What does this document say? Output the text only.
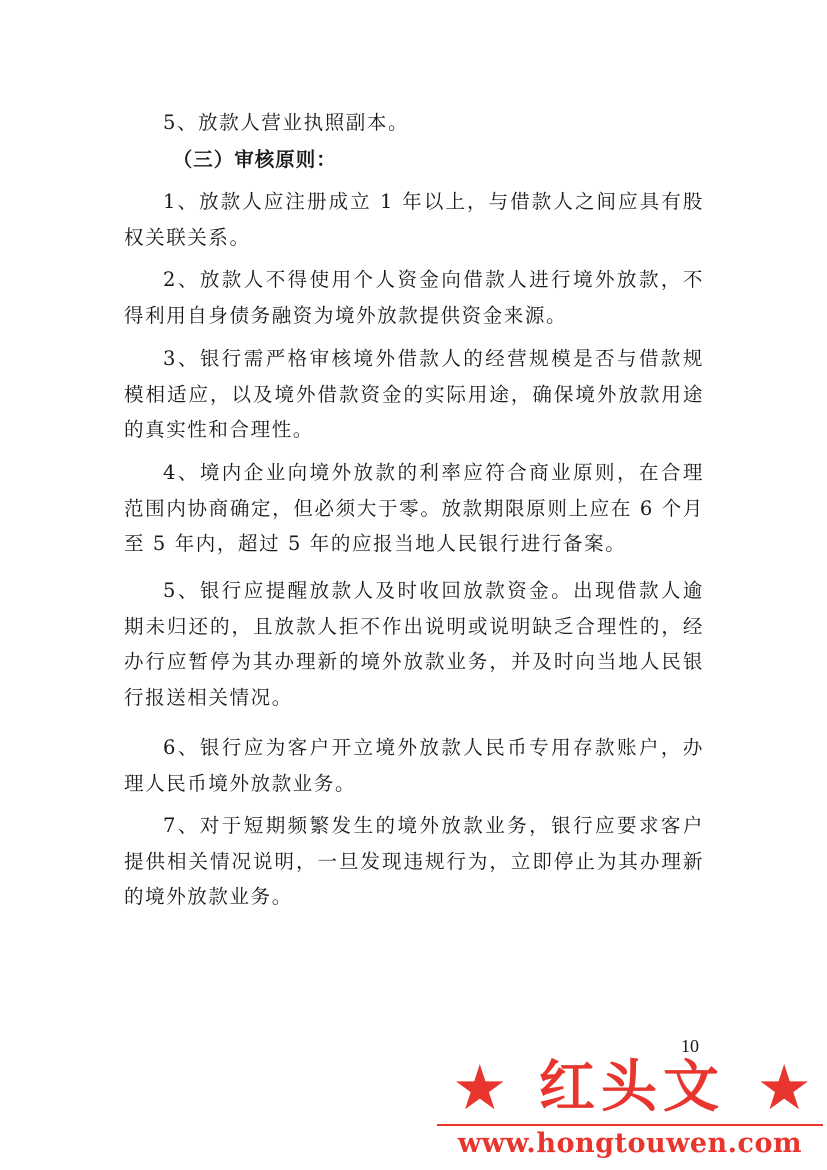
5、放款人营业执照副本。

（三）审核原则：

1、放款人应注册成立 1 年以上，与借款人之间应具有股权关联关系。

2、放款人不得使用个人资金向借款人进行境外放款，不得利用自身债务融资为境外放款提供资金来源。

3、银行需严格审核境外借款人的经营规模是否与借款规模相适应，以及境外借款资金的实际用途，确保境外放款用途的真实性和合理性。

4、境内企业向境外放款的利率应符合商业原则，在合理范围内协商确定，但必须大于零。放款期限原则上应在 6 个月至 5 年内，超过 5 年的应报当地人民银行进行备案。

5、银行应提醒放款人及时收回放款资金。出现借款人逾期未归还的，且放款人拒不作出说明或说明缺乏合理性的，经办行应暂停为其办理新的境外放款业务，并及时向当地人民银行报送相关情况。

6、银行应为客户开立境外放款人民币专用存款账户，办理人民币境外放款业务。

7、对于短期频繁发生的境外放款业务，银行应要求客户提供相关情况说明，一旦发现违规行为，立即停止为其办理新的境外放款业务。

10
★ 红头文 ★
www.hongtouwen.com
